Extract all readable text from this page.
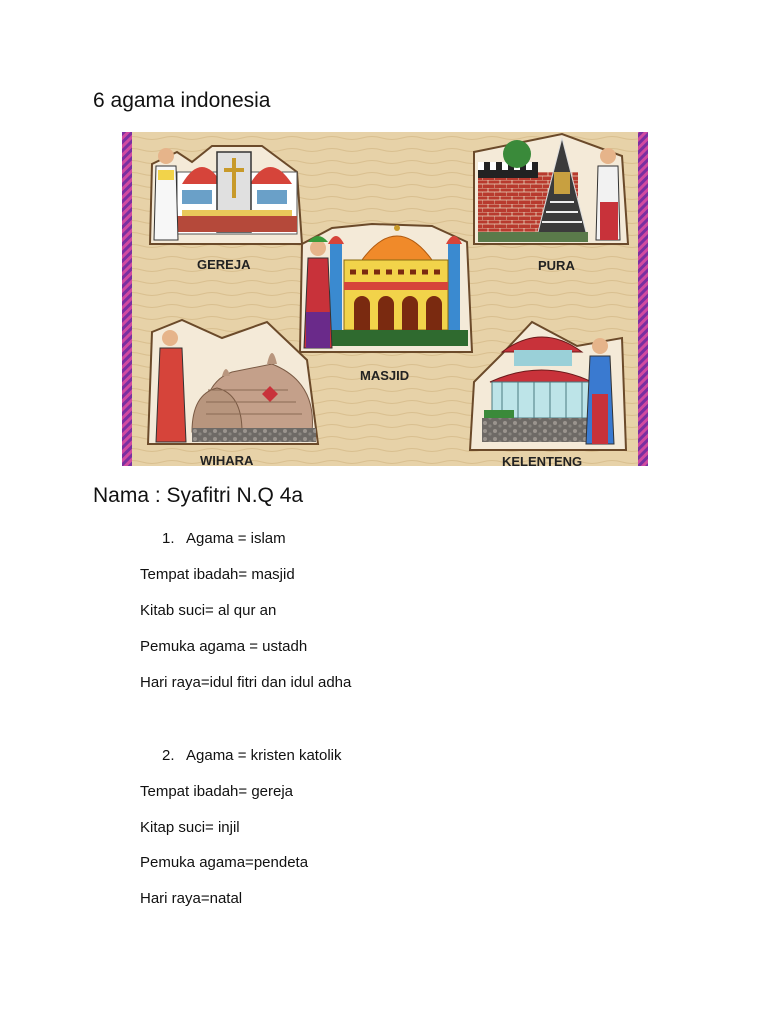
6 agama indonesia
GEREJA	PURA
MASJID
WIHARA	KELENTENG
Nama : Syafitri N.Q 4a
1. Agama = islam
Tempat ibadah= masjid
Kitab suci= al qur an
Pemuka agama = ustadh
Hari raya=idul fitri dan idul adha
2. Agama = kristen katolik
Tempat ibadah= gereja
Kitap suci= injil
Pemuka agama=pendeta
Hari raya=natal
